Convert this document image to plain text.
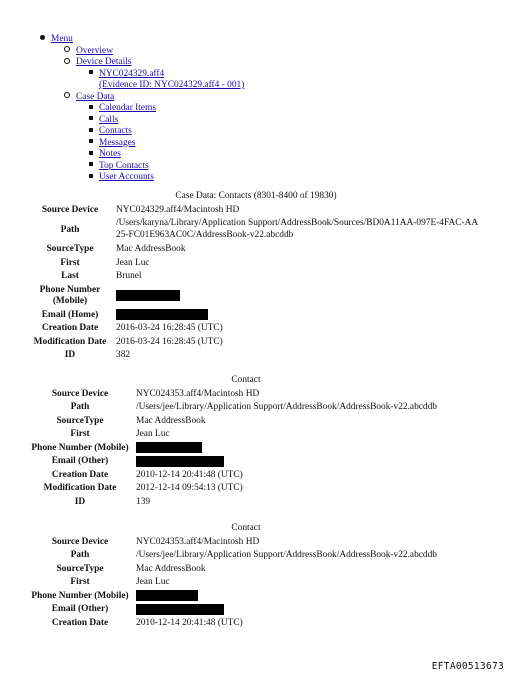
Menu
Overview
Device Details
NYC024329.aff4
(Evidence ID: NYC024329.aff4 - 001)
Case Data
Calendar Items
Calls
Contacts
Messages
Notes
Top Contacts
User Accounts
Case Data: Contacts (8301-8400 of 19830)
Source Device	NYC024329.aff4/Macintosh HD
Path	/Users/karyna/Library/Application Support/AddressBook/Sources/BD0A11AA-097E-4FAC-AA25-FC01E963AC0C/AddressBook-v22.abcddb
SourceType	Mac AddressBook
First	Jean Luc
Last	Brunel
Phone Number
(Mobile)	
Email (Home)	
Creation Date	2016-03-24 16:28:45 (UTC)
Modification Date	2016-03-24 16:28:45 (UTC)
ID	382
Contact
Source Device	NYC024353.aff4/Macintosh HD
Path	/Users/jee/Library/Application Support/AddressBook/AddressBook-v22.abcddb
SourceType	Mac AddressBook
First	Jean Luc
Phone Number (Mobile)	
Email (Other)	
Creation Date	2010-12-14 20:41:48 (UTC)
Modification Date	2012-12-14 09:54:13 (UTC)
ID	139
Contact
Source Device	NYC024353.aff4/Macintosh HD
Path	/Users/jee/Library/Application Support/AddressBook/AddressBook-v22.abcddb
SourceType	Mac AddressBook
First	Jean Luc
Phone Number (Mobile)	
Email (Other)	
Creation Date	2010-12-14 20:41:48 (UTC)
EFTA00513673
